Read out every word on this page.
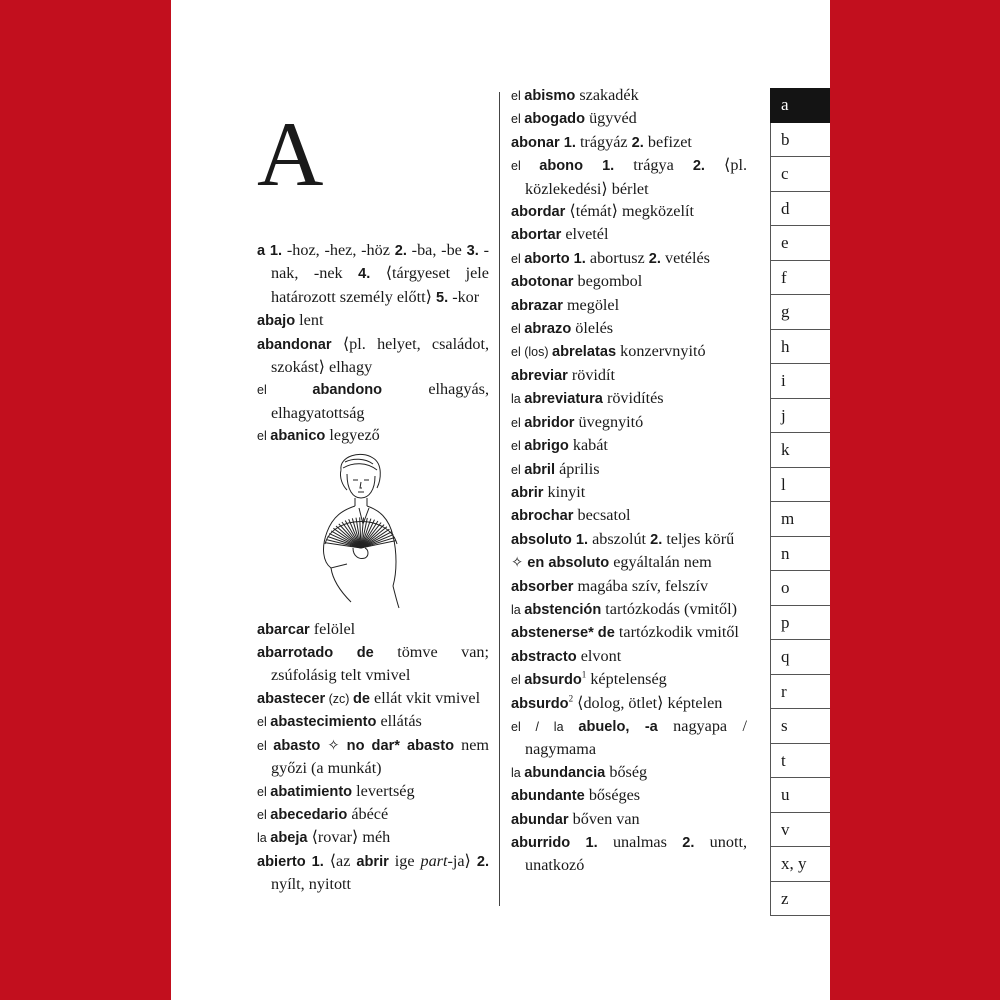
A
a 1. -hoz, -hez, -höz 2. -ba, -be 3. -nak, -nek 4. ⟨tárgyeset jele határozott személy előtt⟩ 5. -kor
abajo lent
abandonar ⟨pl. helyet, családot, szokást⟩ elhagy
el abandono elhagyás, elhagyatottság
el abanico legyező
abarcar felölel
abarrotado de tömve van; zsúfolásig telt vmivel
abastecer (zc) de ellát vkit vmivel
el abastecimiento ellátás
el abasto ✧ no dar* abasto nem győzi (a munkát)
el abatimiento levertség
el abecedario ábécé
la abeja ⟨rovar⟩ méh
abierto 1. ⟨az abrir ige part-ja⟩ 2. nyílt, nyitott
el abismo szakadék
el abogado ügyvéd
abonar 1. trágyáz 2. befizet
el abono 1. trágya 2. ⟨pl. közlekedési⟩ bérlet
abordar ⟨témát⟩ megközelít
abortar elvetél
el aborto 1. abortusz 2. vetélés
abotonar begombol
abrazar megölel
el abrazo ölelés
el (los) abrelatas konzervnyitó
abreviar rövidít
la abreviatura rövidítés
el abridor üvegnyitó
el abrigo kabát
el abril április
abrir kinyit
abrochar becsatol
absoluto 1. abszolút 2. teljes körű
✧ en absoluto egyáltalán nem
absorber magába szív, felszív
la abstención tartózkodás (vmitől)
abstenerse* de tartózkodik vmitől
abstracto elvont
el absurdo$^1$ képtelenség
absurdo$^2$ ⟨dolog, ötlet⟩ képtelen
el / la abuelo, -a nagyapa / nagymama
la abundancia bőség
abundante bőséges
abundar bőven van
aburrido 1. unalmas 2. unott, unatkozó
a
b
c
d
e
f
g
h
i
j
k
l
m
n
o
p
q
r
s
t
u
v
x, y
z
